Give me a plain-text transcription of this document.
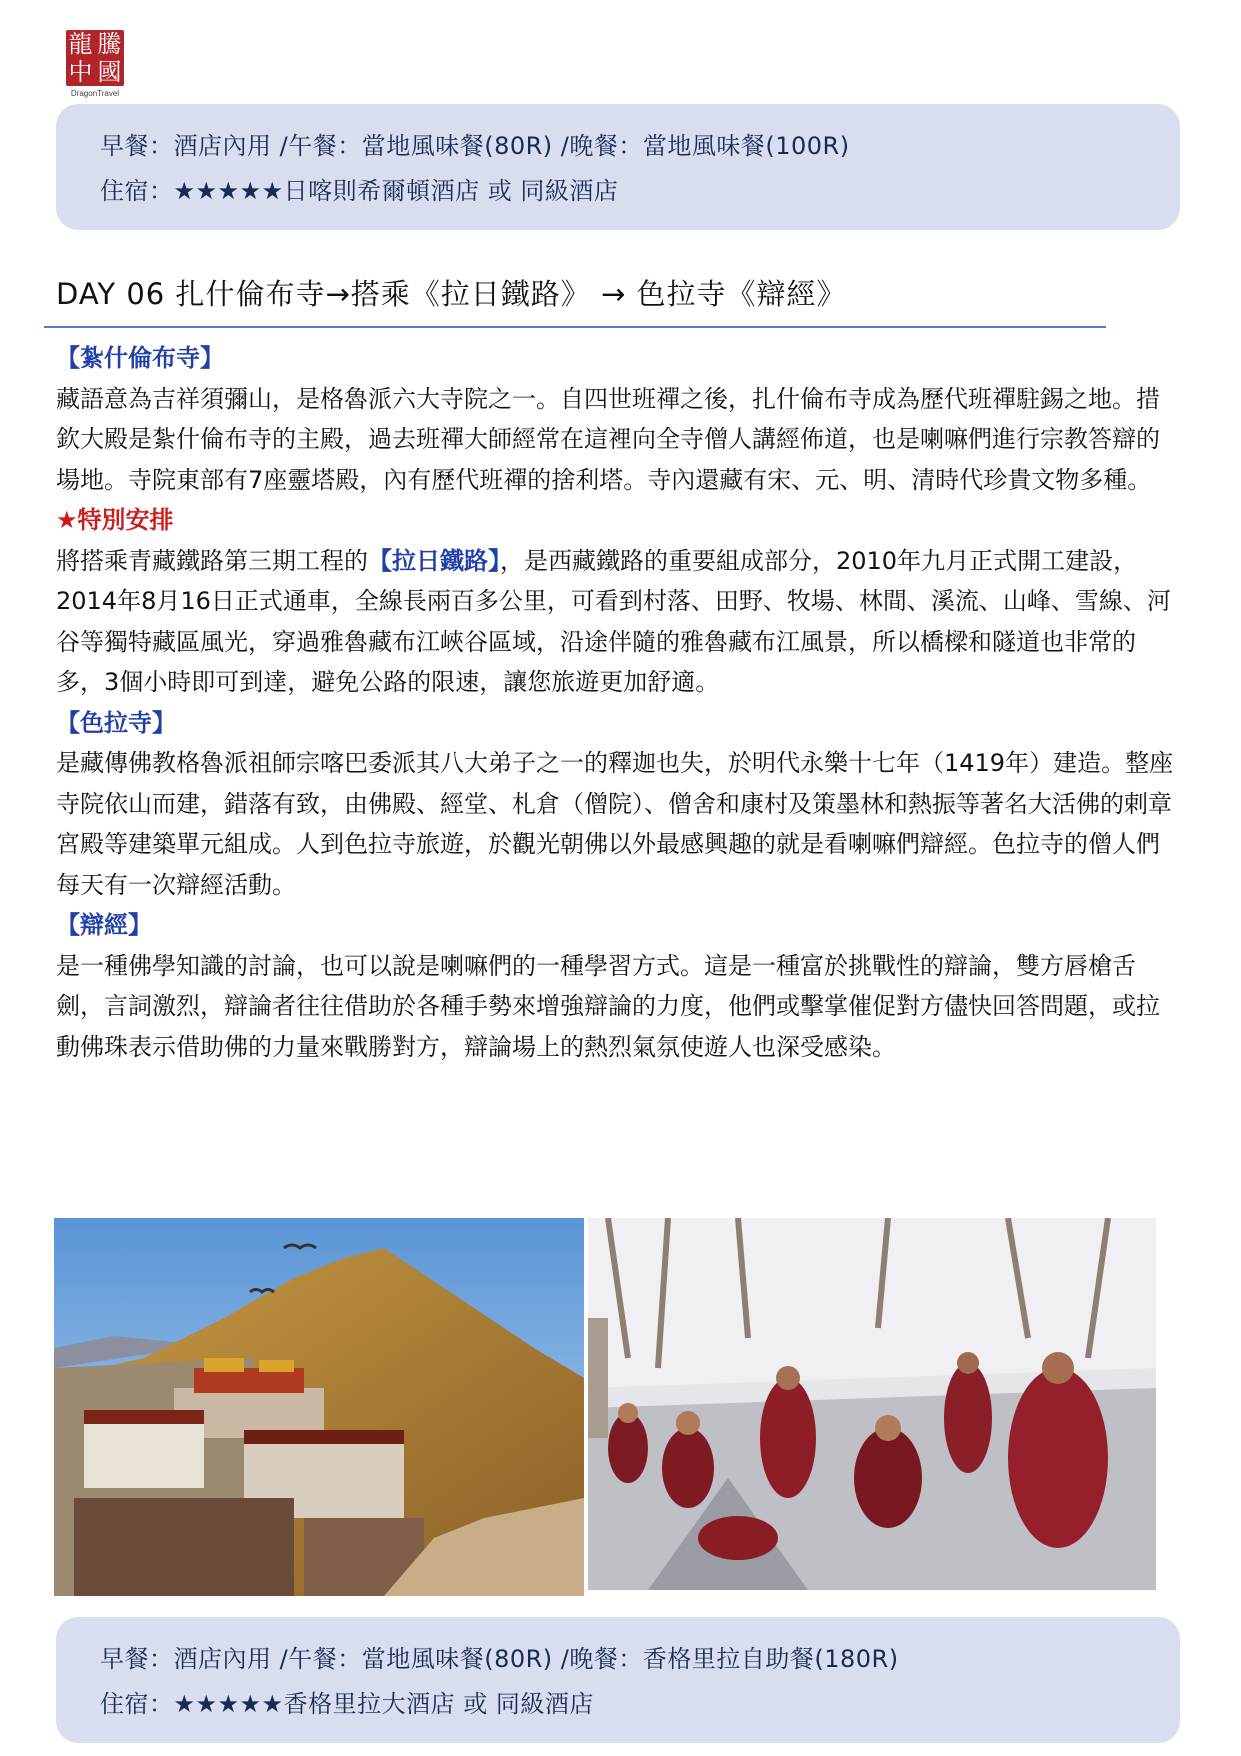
龍 騰
中 國
DragonTravel
早餐：酒店內用 /午餐：當地風味餐(80R) /晚餐：當地風味餐(100R)
住宿：★★★★★日喀則希爾頓酒店 或 同級酒店
DAY 06 扎什倫布寺→搭乘《拉日鐵路》 → 色拉寺《辯經》

【紮什倫布寺】

藏語意為吉祥須彌山，是格魯派六大寺院之一。自四世班禪之後，扎什倫布寺成為歷代班禪駐錫之地。措欽大殿是紮什倫布寺的主殿，過去班禪大師經常在這裡向全寺僧人講經佈道，也是喇嘛們進行宗教答辯的場地。寺院東部有7座靈塔殿，內有歷代班禪的捨利塔。寺內還藏有宋、元、明、清時代珍貴文物多種。

★特別安排

將搭乘青藏鐵路第三期工程的【拉日鐵路】，是西藏鐵路的重要組成部分，2010年九月正式開工建設，2014年8月16日正式通車，全線長兩百多公里，可看到村落、田野、牧場、林間、溪流、山峰、雪線、河谷等獨特藏區風光，穿過雅魯藏布江峽谷區域，沿途伴隨的雅魯藏布江風景，所以橋樑和隧道也非常的多，3個小時即可到達，避免公路的限速，讓您旅遊更加舒適。

【色拉寺】

是藏傳佛教格魯派祖師宗喀巴委派其八大弟子之一的釋迦也失，於明代永樂十七年（1419年）建造。整座寺院依山而建，錯落有致，由佛殿、經堂、札倉（僧院）、僧舍和康村及策墨林和熱振等著名大活佛的剌章宮殿等建築單元組成。人到色拉寺旅遊，於觀光朝佛以外最感興趣的就是看喇嘛們辯經。色拉寺的僧人們每天有一次辯經活動。

【辯經】

是一種佛學知識的討論，也可以說是喇嘛們的一種學習方式。這是一種富於挑戰性的辯論，雙方唇槍舌劍，言詞激烈，辯論者往往借助於各種手勢來增強辯論的力度，他們或擊掌催促對方儘快回答問題，或拉動佛珠表示借助佛的力量來戰勝對方，辯論場上的熱烈氣氛使遊人也深受感染。

早餐：酒店內用 /午餐：當地風味餐(80R) /晚餐：香格里拉自助餐(180R)
住宿：★★★★★香格里拉大酒店 或 同級酒店
